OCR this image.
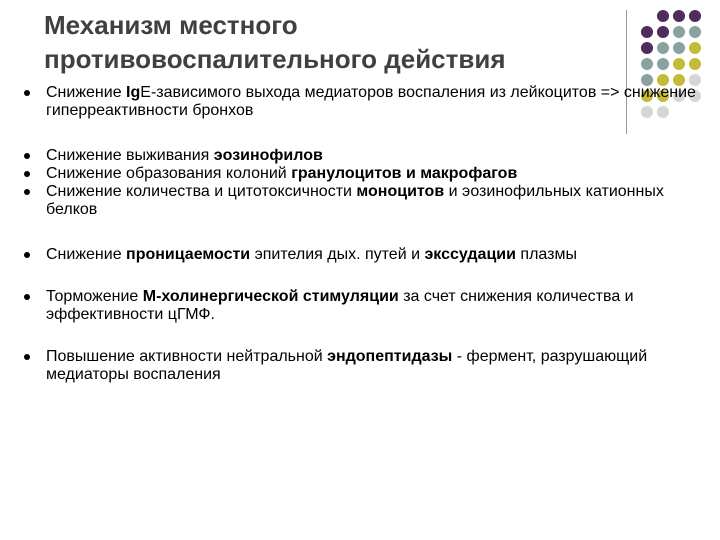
Механизм местного
противовоспалительного действия
Снижение IgE-зависимого выхода медиаторов воспаления из лейкоцитов => снижение гиперреактивности бронхов
Снижение выживания эозинофилов
Снижение образования колоний гранулоцитов и макрофагов
Снижение количества и цитотоксичности моноцитов и эозинофильных катионных белков
Снижение проницаемости эпителия дых. путей и экссудации плазмы
Торможение М-холинергической стимуляции за счет снижения количества и эффективности цГМФ.
Повышение активности нейтральной эндопептидазы - фермент, разрушающий медиаторы воспаления
